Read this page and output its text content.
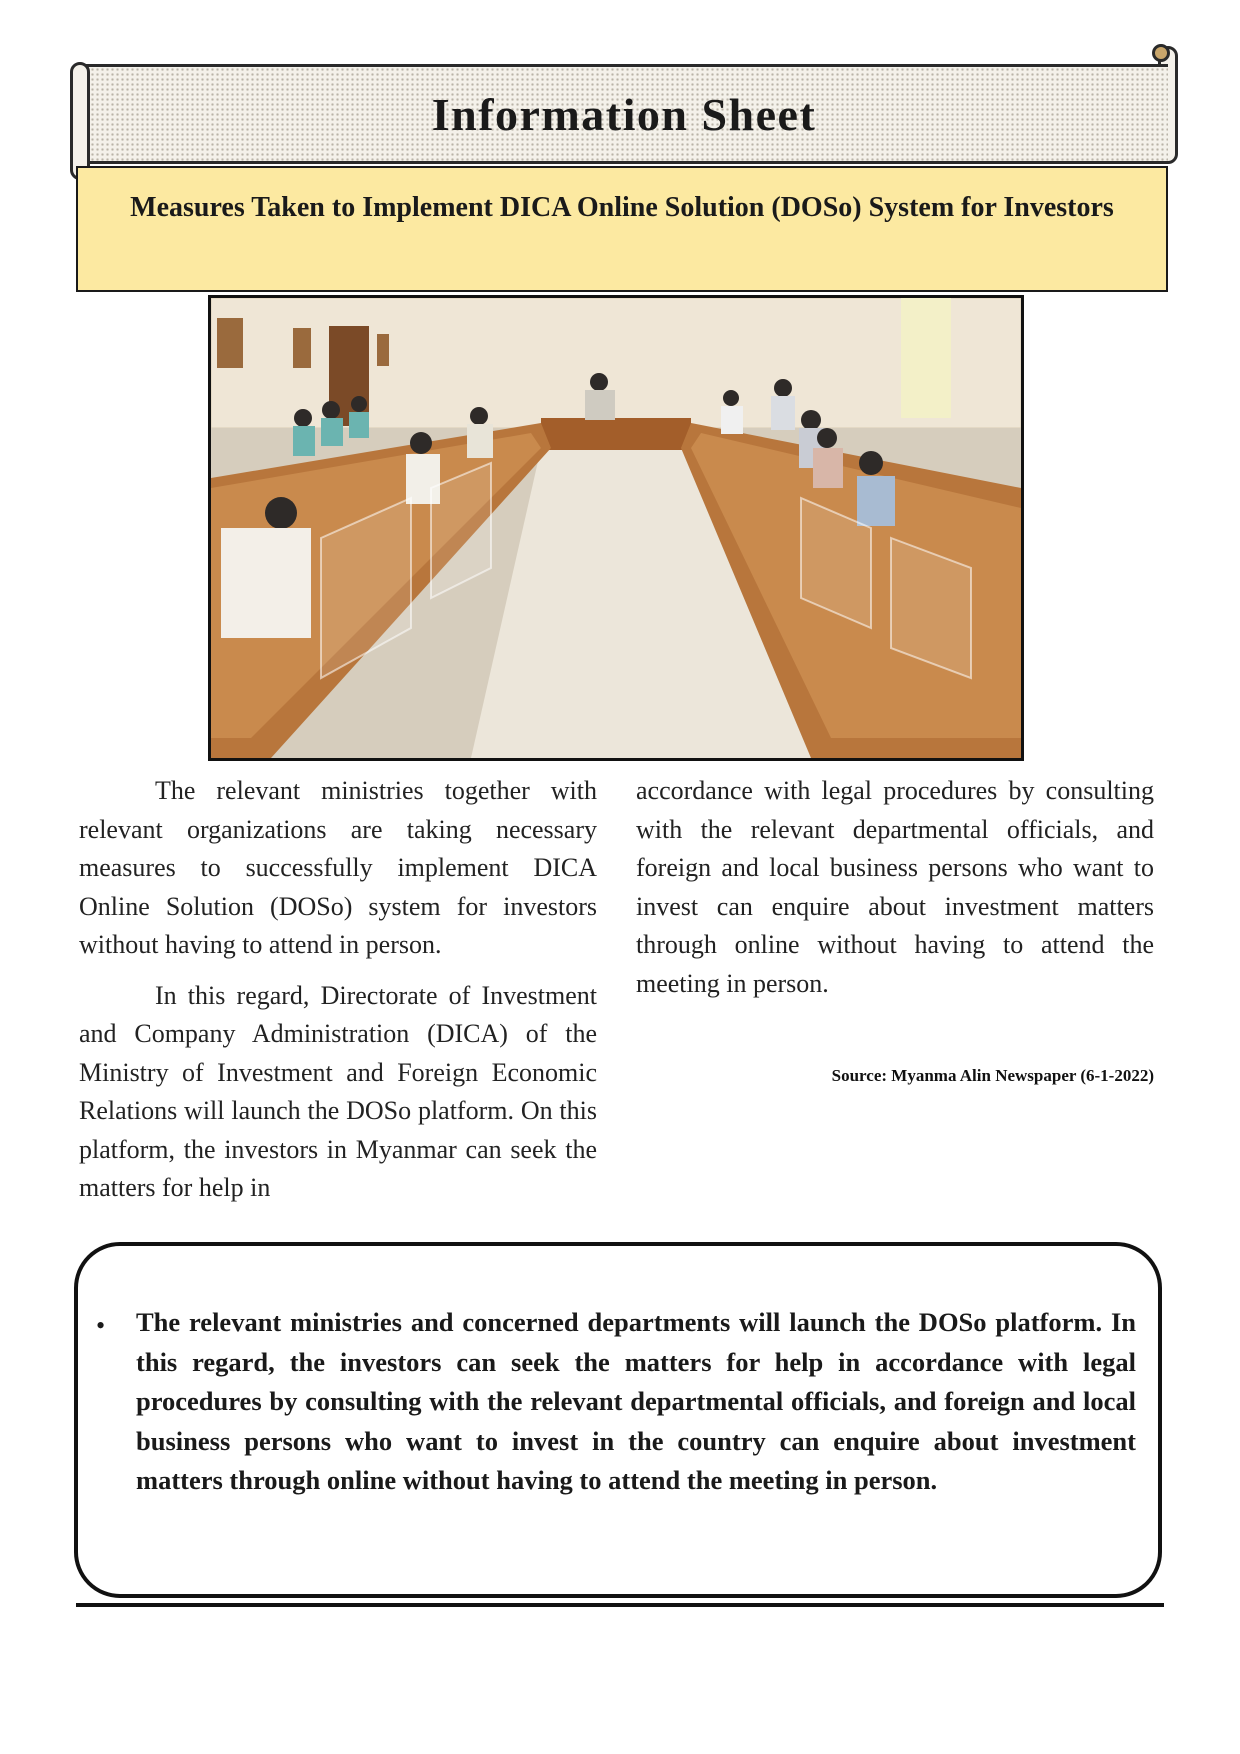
Information Sheet
Measures Taken to Implement DICA Online Solution (DOSo) System for Investors

The relevant ministries together with relevant organizations are taking necessary measures to successfully implement DICA Online Solution (DOSo) system for investors without having to attend in person.

In this regard, Directorate of Investment and Company Administration (DICA) of the Ministry of Investment and Foreign Economic Relations will launch the DOSo platform. On this platform, the investors in Myanmar can seek the matters for help in

accordance with legal procedures by consulting with the relevant departmental officials, and foreign and local business persons who want to invest can enquire about investment matters through online without having to attend the meeting in person.

Source: Myanma Alin Newspaper (6-1-2022)
• The relevant ministries and concerned departments will launch the DOSo platform. In this regard, the investors can seek the matters for help in accordance with legal procedures by consulting with the relevant departmental officials, and foreign and local business persons who want to invest in the country can enquire about investment matters through online without having to attend the meeting in person.
